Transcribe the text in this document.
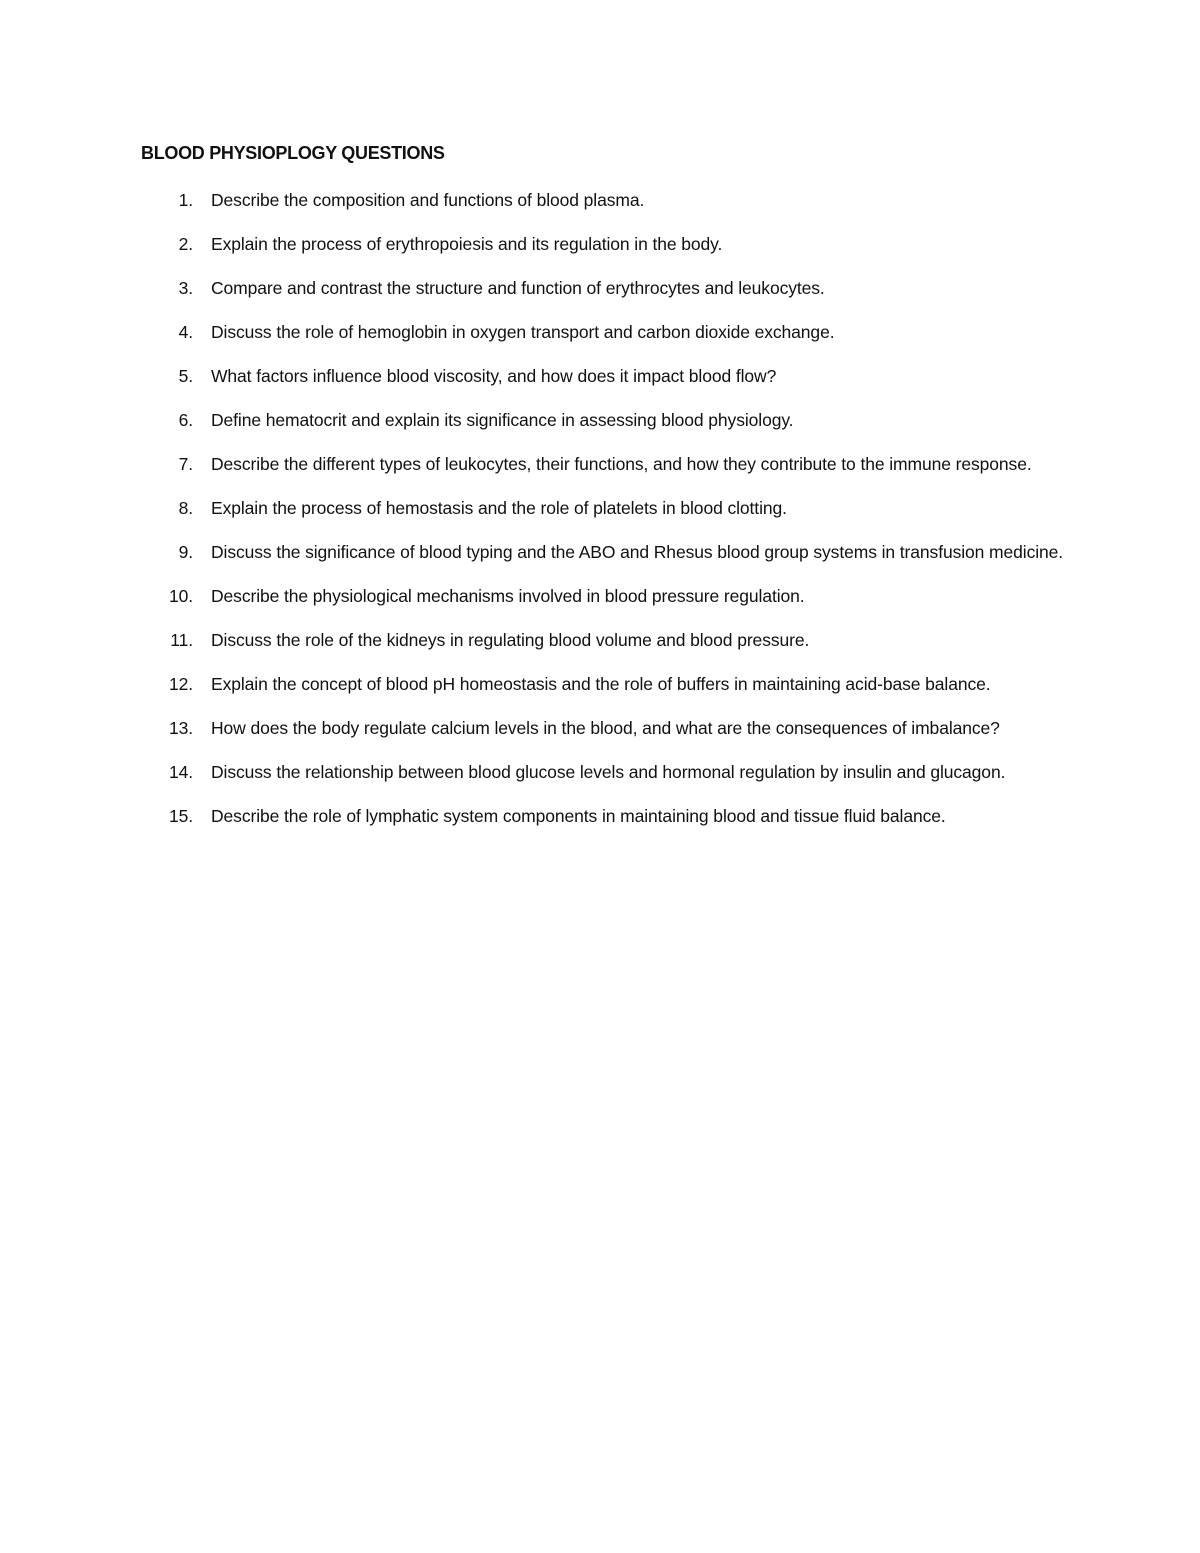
BLOOD PHYSIOPLOGY QUESTIONS
1.	Describe the composition and functions of blood plasma.
2.	Explain the process of erythropoiesis and its regulation in the body.
3.	Compare and contrast the structure and function of erythrocytes and leukocytes.
4.	Discuss the role of hemoglobin in oxygen transport and carbon dioxide exchange.
5.	What factors influence blood viscosity, and how does it impact blood flow?
6.	Define hematocrit and explain its significance in assessing blood physiology.
7.	Describe the different types of leukocytes, their functions, and how they contribute to the immune response.
8.	Explain the process of hemostasis and the role of platelets in blood clotting.
9.	Discuss the significance of blood typing and the ABO and Rhesus blood group systems in transfusion medicine.
10.	Describe the physiological mechanisms involved in blood pressure regulation.
11.	Discuss the role of the kidneys in regulating blood volume and blood pressure.
12.	Explain the concept of blood pH homeostasis and the role of buffers in maintaining acid-base balance.
13.	How does the body regulate calcium levels in the blood, and what are the consequences of imbalance?
14.	Discuss the relationship between blood glucose levels and hormonal regulation by insulin and glucagon.
15.	Describe the role of lymphatic system components in maintaining blood and tissue fluid balance.
